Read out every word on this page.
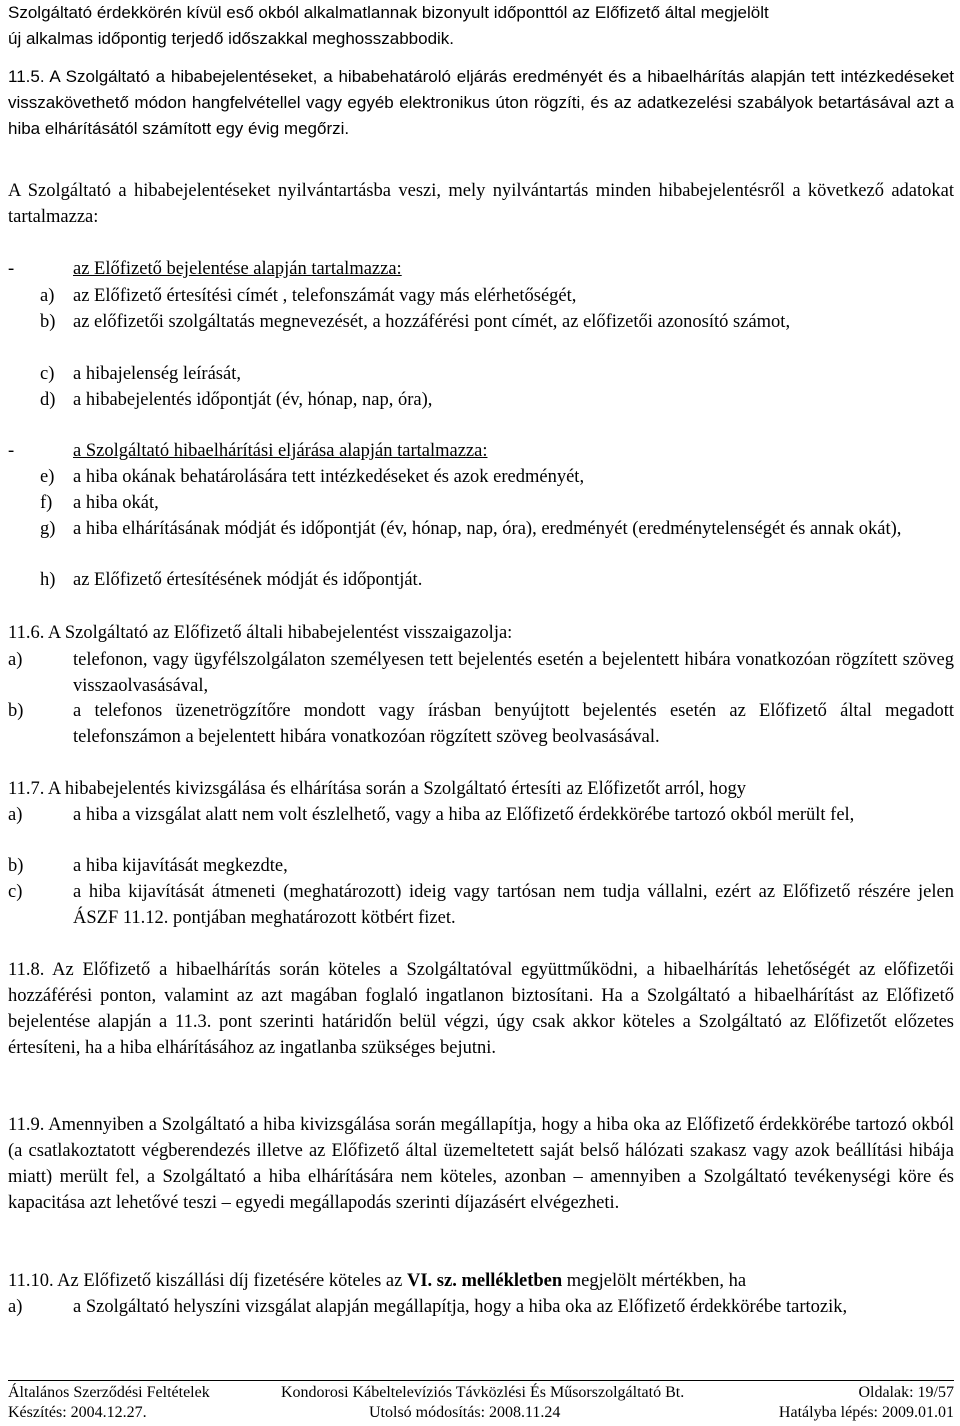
Szolgáltató érdekkörén kívül eső okból alkalmatlannak bizonyult időponttól az Előfizető által megjelölt

új alkalmas időpontig terjedő időszakkal meghosszabbodik.

11.5. A Szolgáltató a hibabejelentéseket, a hibabehatároló eljárás eredményét és a hibaelhárítás alapján tett intézkedéseket visszakövethető módon hangfelvétellel vagy egyéb elektronikus úton rögzíti, és az adatkezelési szabályok betartásával azt a hiba elhárításától számított egy évig megőrzi.

A Szolgáltató a hibabejelentéseket nyilvántartásba veszi, mely nyilvántartás minden hibabejelentésről a következő adatokat tartalmazza:

-	az Előfizető bejelentése alapján tartalmazza:

a)	az Előfizető értesítési címét , telefonszámát vagy más elérhetőségét,

b) az előfizetői szolgáltatás megnevezését, a hozzáférési pont címét, az előfizetői azonosító számot,

c)	a hibajelenség leírását,

d) a hibabejelentés időpontját (év, hónap, nap, óra),

-	a Szolgáltató hibaelhárítási eljárása alapján tartalmazza:

e)	a hiba okának behatárolására tett intézkedéseket és azok eredményét,

f)	a hiba okát,

g) a hiba elhárításának módját és időpontját (év, hónap, nap, óra), eredményét (eredménytelenségét és annak okát),

h) az Előfizető értesítésének módját és időpontját.

11.6. A Szolgáltató az Előfizető általi hibabejelentést visszaigazolja:

a)	telefonon, vagy ügyfélszolgálaton személyesen tett bejelentés esetén a bejelentett hibára vonatkozóan rögzített szöveg visszaolvasásával,

b)	a telefonos üzenetrögzítőre mondott vagy írásban benyújtott bejelentés esetén az Előfizető által megadott telefonszámon a bejelentett hibára vonatkozóan rögzített szöveg beolvasásával.

11.7. A hibabejelentés kivizsgálása és elhárítása során a Szolgáltató értesíti az Előfizetőt arról, hogy

a)	a hiba a vizsgálat alatt nem volt észlelhető, vagy a hiba az Előfizető érdekkörébe tartozó okból merült fel,

b)	a hiba kijavítását megkezdte,

c)	a hiba kijavítását átmeneti (meghatározott) ideig vagy tartósan nem tudja vállalni, ezért az Előfizető részére jelen ÁSZF 11.12. pontjában meghatározott kötbért fizet.

11.8. Az Előfizető a hibaelhárítás során köteles a Szolgáltatóval együttműködni, a hibaelhárítás lehetőségét az előfizetői hozzáférési ponton, valamint az azt magában foglaló ingatlanon biztosítani. Ha a Szolgáltató a hibaelhárítást az Előfizető bejelentése alapján a 11.3. pont szerinti határidőn belül végzi, úgy csak akkor köteles a Szolgáltató az Előfizetőt előzetes értesíteni, ha a hiba elhárításához az ingatlanba szükséges bejutni.

11.9. Amennyiben a Szolgáltató a hiba kivizsgálása során megállapítja, hogy a hiba oka az Előfizető érdekkörébe tartozó okból (a csatlakoztatott végberendezés illetve az Előfizető által üzemeltetett saját belső hálózati szakasz vagy azok beállítási hibája miatt) merült fel, a Szolgáltató a hiba elhárítására nem köteles, azonban – amennyiben a Szolgáltató tevékenységi köre és kapacitása azt lehetővé teszi – egyedi megállapodás szerinti díjazásért elvégezheti.

11.10. Az Előfizető kiszállási díj fizetésére köteles az VI. sz. mellékletben megjelölt mértékben, ha

a)	a Szolgáltató helyszíni vizsgálat alapján megállapítja, hogy a hiba oka az Előfizető érdekkörébe tartozik,

Általános Szerződési Feltételek	Kondorosi Kábeltelevíziós Távközlési És Műsorszolgáltató Bt.	Oldalak: 19/57

Készítés: 2004.12.27.	Utolsó módosítás: 2008.11.24	Hatályba lépés: 2009.01.01
